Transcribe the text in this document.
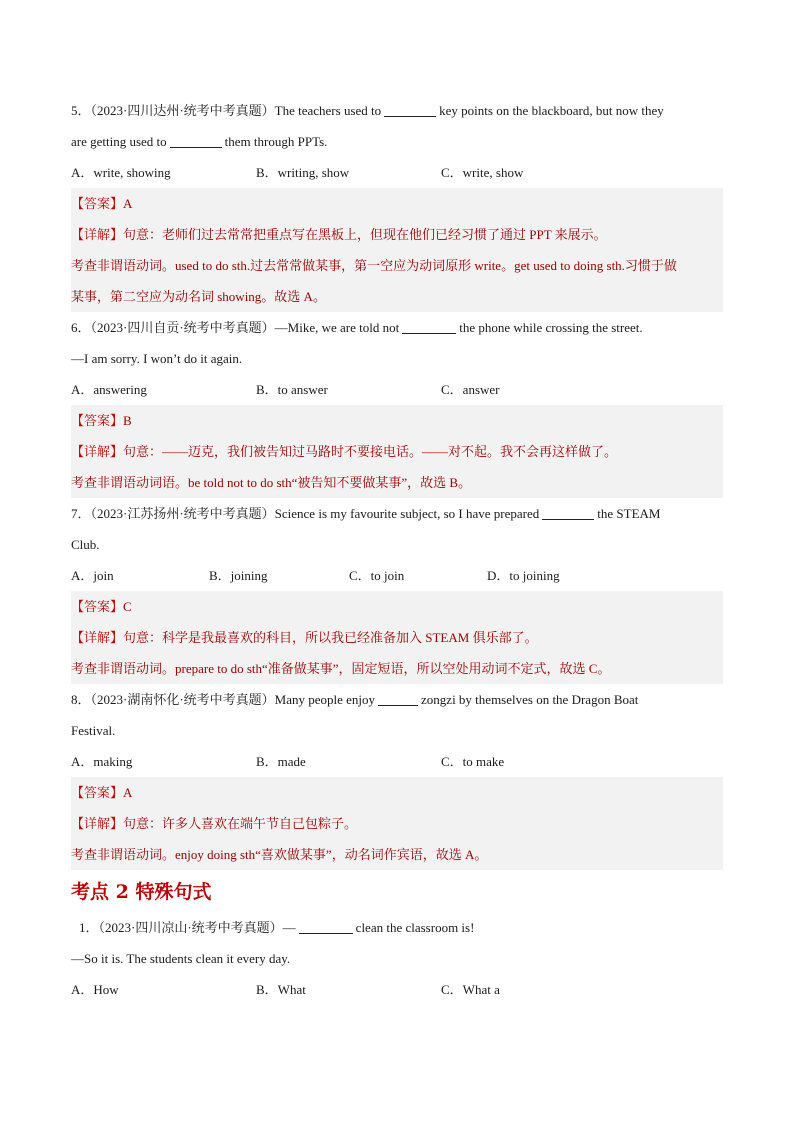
5．（2023·四川达州·统考中考真题）The teachers used to	key points on the blackboard, but now they
are getting used to	them through PPTs.
A．write, showing	B．writing, show	C．write, show
【答案】A
【详解】句意：老师们过去常常把重点写在黑板上，但现在他们已经习惯了通过 PPT 来展示。
考查非谓语动词。used to do sth.过去常常做某事，第一空应为动词原形 write。get used to doing sth.习惯于做
某事，第二空应为动名词 showing。故选 A。
6．（2023·四川自贡·统考中考真题）—Mike, we are told not	the phone while crossing the street.
—I am sorry. I won’t do it again.
A．answering	B．to answer	C．answer
【答案】B
【详解】句意：——迈克，我们被告知过马路时不要接电话。——对不起。我不会再这样做了。
考查非谓语动词语。be told not to do sth“被告知不要做某事”，故选 B。
7．（2023·江苏扬州·统考中考真题）Science is my favourite subject, so I have prepared	the STEAM
Club.
A．join	B．joining	C．to join	D．to joining
【答案】C
【详解】句意：科学是我最喜欢的科目，所以我已经准备加入 STEAM 俱乐部了。
考查非谓语动词。prepare to do sth“准备做某事”，固定短语，所以空处用动词不定式，故选 C。
8．（2023·湖南怀化·统考中考真题）Many people enjoy	zongzi by themselves on the Dragon Boat
Festival.
A．making	B．made	C．to make
【答案】A
【详解】句意：许多人喜欢在端午节自己包粽子。
考查非谓语动词。enjoy doing sth“喜欢做某事”，动名词作宾语，故选 A。
考点 2 特殊句式
1．（2023·四川凉山·统考中考真题）—	clean the classroom is!
—So it is. The students clean it every day.
A．How	B．What	C．What a
